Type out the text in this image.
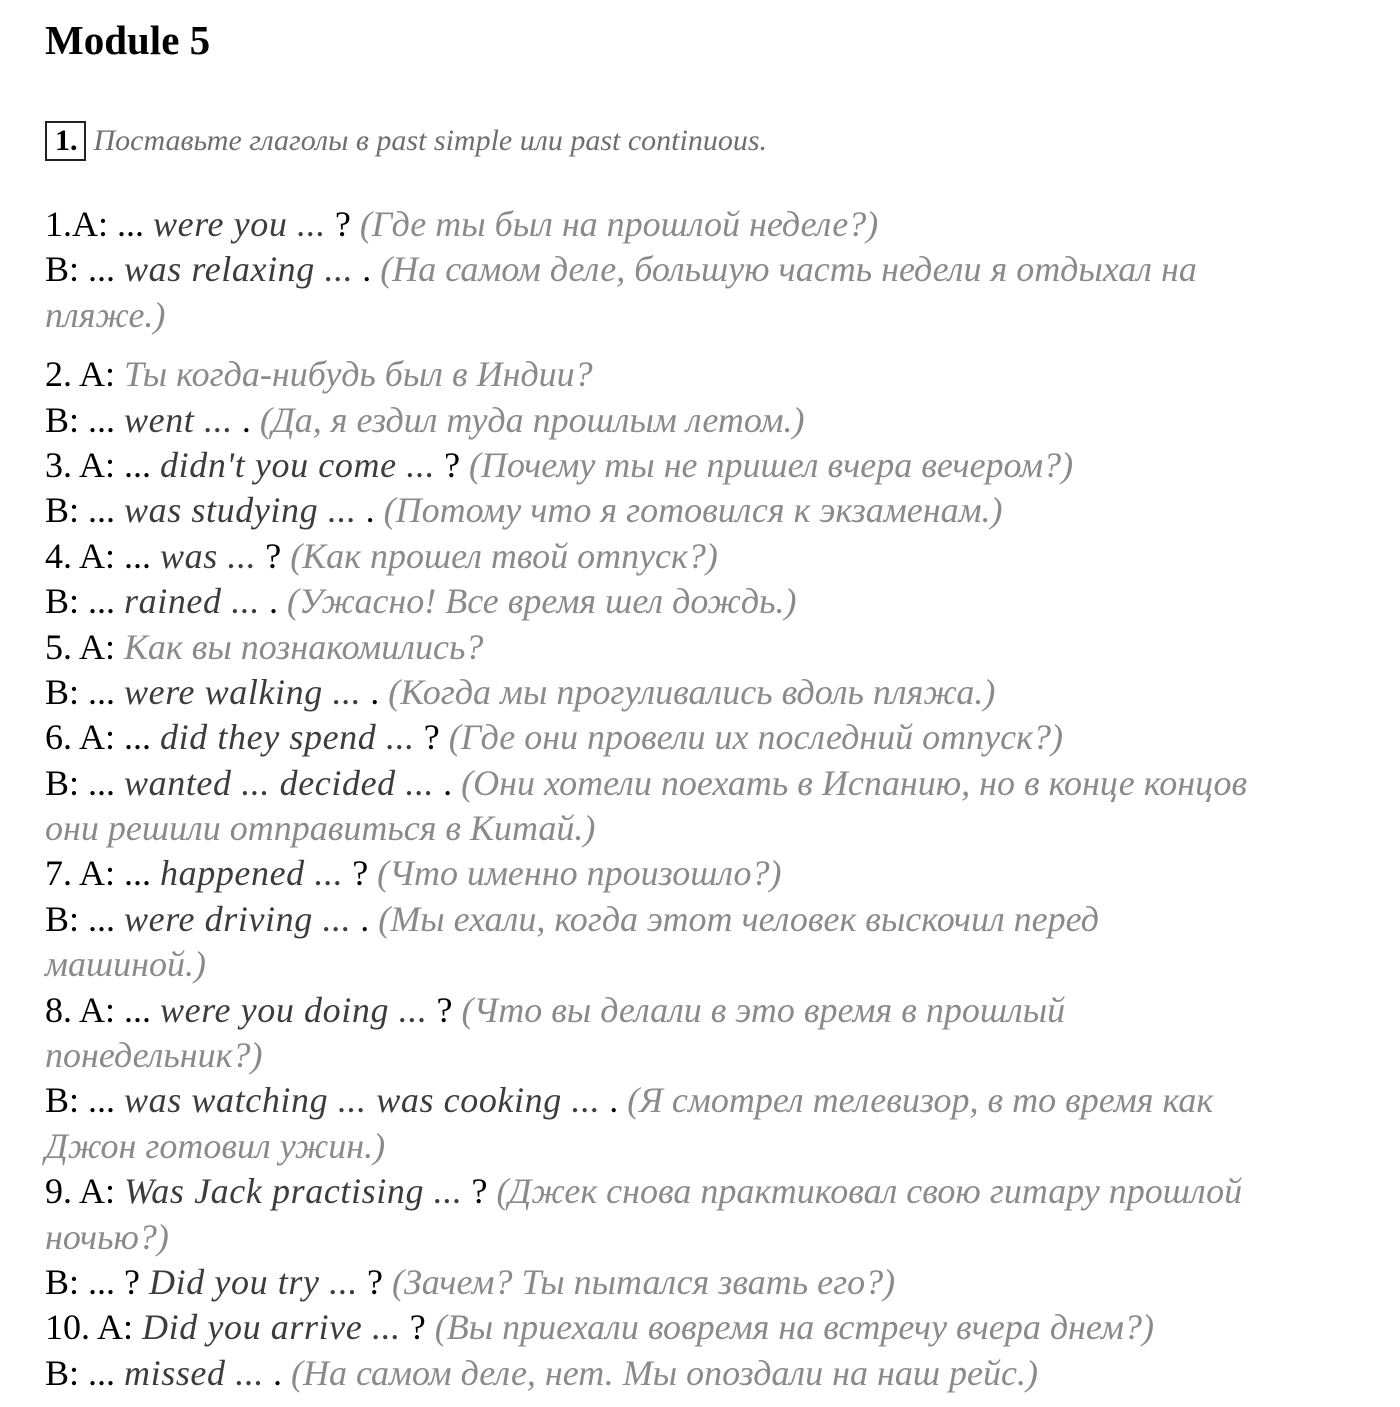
Module 5
1. Поставьте глаголы в past simple или past continuous.
1.A: ... were you ... ? (Где ты был на прошлой неделе?)
B: ... was relaxing ... . (На самом деле, большую часть недели я отдыхал на
пляже.)
2. A: Ты когда-нибудь был в Индии?
B: ... went ... . (Да, я ездил туда прошлым летом.)
3. A: ... didn't you come ... ? (Почему ты не пришел вчера вечером?)
B: ... was studying ... . (Потому что я готовился к экзаменам.)
4. A: ... was ... ? (Как прошел твой отпуск?)
B: ... rained ... . (Ужасно! Все время шел дождь.)
5. A: Как вы познакомились?
B: ... were walking ... . (Когда мы прогуливались вдоль пляжа.)
6. A: ... did they spend ... ? (Где они провели их последний отпуск?)
B: ... wanted ... decided ... . (Они хотели поехать в Испанию, но в конце концов
они решили отправиться в Китай.)
7. A: ... happened ... ? (Что именно произошло?)
B: ... were driving ... . (Мы ехали, когда этот человек выскочил перед
машиной.)
8. A: ... were you doing ... ? (Что вы делали в это время в прошлый
понедельник?)
B: ... was watching ... was cooking ... . (Я смотрел телевизор, в то время как
Джон готовил ужин.)
9. A: Was Jack practising ... ? (Джек снова практиковал свою гитару прошлой
ночью?)
B: ... ? Did you try ... ? (Зачем? Ты пытался звать его?)
10. A: Did you arrive ... ? (Вы приехали вовремя на встречу вчера днем?)
B: ... missed ... . (На самом деле, нет. Мы опоздали на наш рейс.)
